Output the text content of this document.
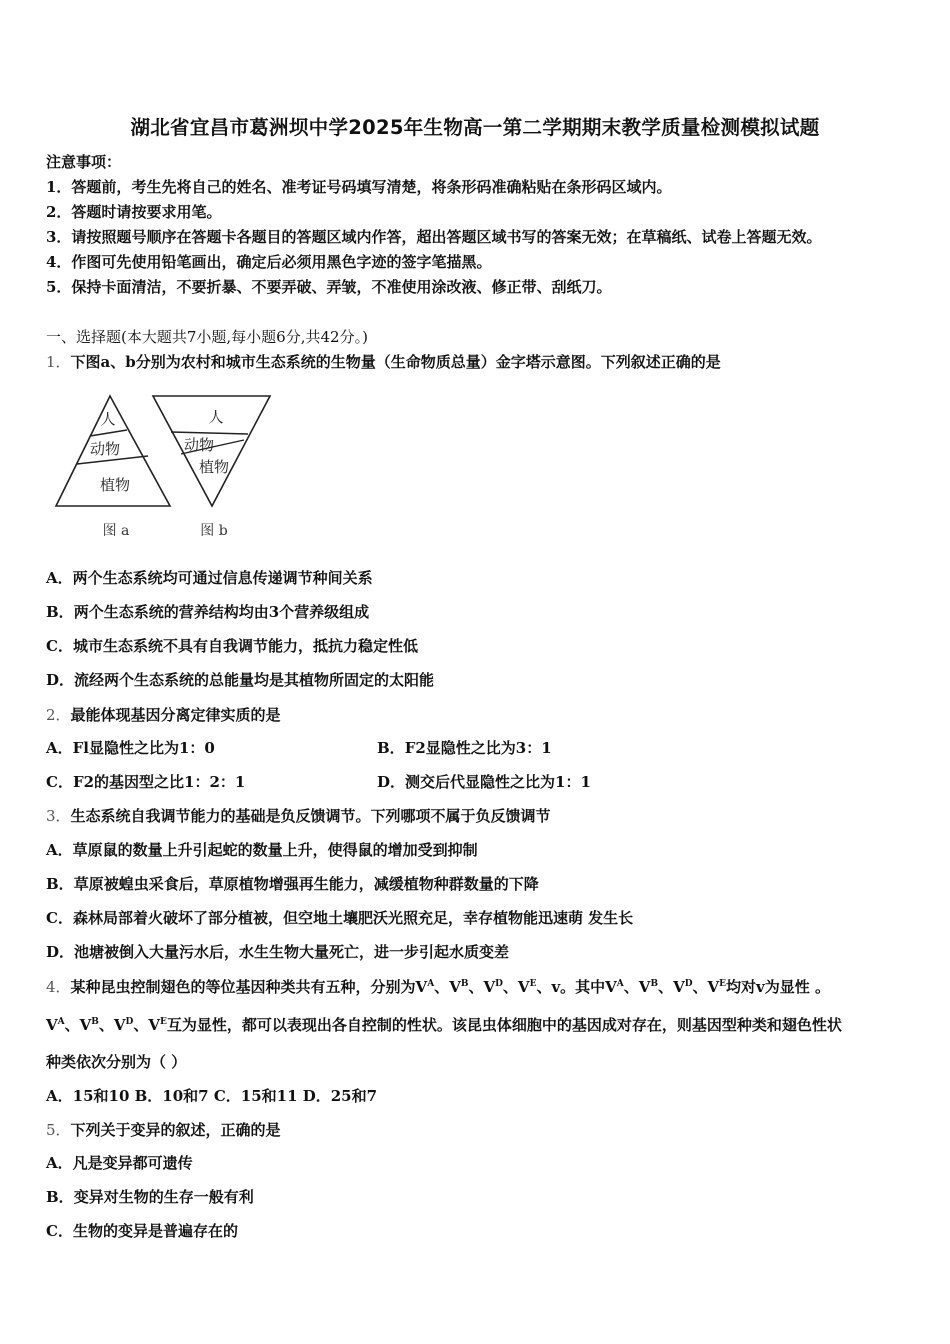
湖北省宜昌市葛洲坝中学2025年生物高一第二学期期末教学质量检测模拟试题
注意事项：
1．答题前，考生先将自己的姓名、准考证号码填写清楚，将条形码准确粘贴在条形码区域内。
2．答题时请按要求用笔。
3．请按照题号顺序在答题卡各题目的答题区域内作答，超出答题区域书写的答案无效；在草稿纸、试卷上答题无效。
4．作图可先使用铅笔画出，确定后必须用黑色字迹的签字笔描黑。
5．保持卡面清洁，不要折暴、不要弄破、弄皱，不准使用涂改液、修正带、刮纸刀。
一、选择题(本大题共7小题,每小题6分,共42分。)
1．下图a、b分别为农村和城市生态系统的生物量（生命物质总量）金字塔示意图。下列叙述正确的是
人
动物
植物
图 a
人
动物
植物
图 b
A．两个生态系统均可通过信息传递调节种间关系
B．两个生态系统的营养结构均由3个营养级组成
C．城市生态系统不具有自我调节能力，抵抗力稳定性低
D．流经两个生态系统的总能量均是其植物所固定的太阳能
2．最能体现基因分离定律实质的是
A．Fl显隐性之比为1：0	B．F2显隐性之比为3：1
C．F2的基因型之比1：2：1	D．测交后代显隐性之比为1：1
3．生态系统自我调节能力的基础是负反馈调节。下列哪项不属于负反馈调节
A．草原鼠的数量上升引起蛇的数量上升，使得鼠的增加受到抑制
B．草原被蝗虫采食后，草原植物增强再生能力，减缓植物种群数量的下降
C．森林局部着火破坏了部分植被，但空地土壤肥沃光照充足，幸存植物能迅速萌 发生长
D．池塘被倒入大量污水后，水生生物大量死亡，进一步引起水质变差
4．某种昆虫控制翅色的等位基因种类共有五种，分别为$V^A$、$V^B$、$V^D$、$V^E$、v。其中$V^A$、$V^B$、$V^D$、$V^E$均对v为显性 。
$V^A$、$V^B$、$V^D$、$V^E$互为显性，都可以表现出各自控制的性状。该昆虫体细胞中的基因成对存在，则基因型种类和翅色性状
种类依次分别为（ ）
A．15和10 B．10和7 C．15和11 D．25和7
5．下列关于变异的叙述，正确的是
A．凡是变异都可遗传
B．变异对生物的生存一般有利
C．生物的变异是普遍存在的
